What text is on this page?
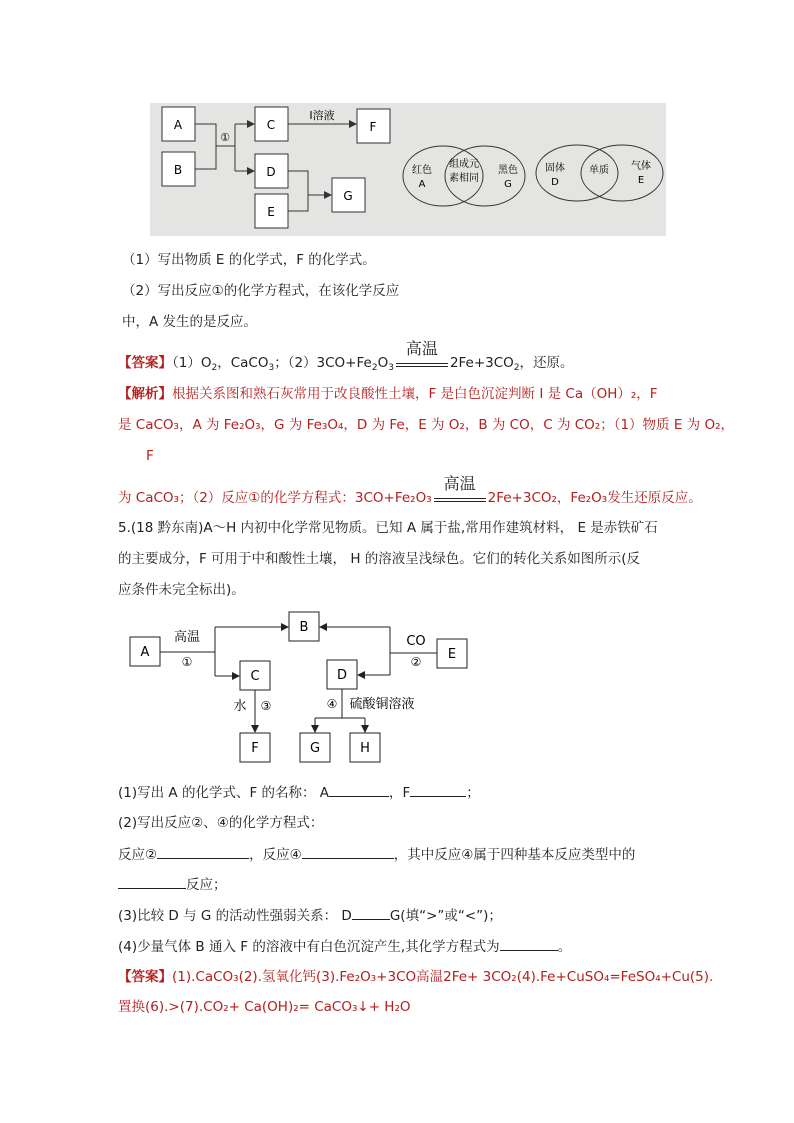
A
B
C
D
E
F
G
①
I溶液
红色
A
组成元
素相同
黑色
G
固体
D
单质 气体
E
（1）写出物质 E 的化学式，F 的化学式。
（2）写出反应①的化学方程式，在该化学反应
中，A 发生的是反应。
【答案】$(1)O_2$，CaCO$_3$；$(2)3CO+Fe_2O_3$
高温
$2Fe+3CO_2$，还原。
【解析】根据关系图和熟石灰常用于改良酸性土壤，F 是白色沉淀判断 I 是 Ca（OH）₂，F
是 CaCO₃，A 为 Fe₂O₃，G 为 Fe₃O₄，D 为 Fe，E 为 O₂，B 为 CO，C 为 CO₂；（1）物质 E 为 O₂，
F
为 CaCO₃；（2）反应①的化学方程式：3CO+Fe₂O₃
高温
2Fe+3CO₂，Fe₂O₃发生还原反应。
5.(18 黔东南)A～H 内初中化学常见物质。已知 A 属于盐,常用作建筑材料， E 是赤铁矿石
的主要成分，F 可用于中和酸性土壤， H 的溶液呈浅绿色。它们的转化关系如图所示(反
应条件未完全标出)。
A
B
C	D
E
F	G	H
高温
①
CO
②
水 ③	④ 硫酸铜溶液
(1)写出 A 的化学式、F 的名称： A	，F	；
(2)写出反应②、④的化学方程式：
反应②	，反应④	，其中反应④属于四种基本反应类型中的
反应；
(3)比较 D 与 G 的活动性强弱关系： D	G(填“>”或“<”)；
(4)少量气体 B 通入 F 的溶液中有白色沉淀产生,其化学方程式为	。
【答案】(1).CaCO₃(2).氢氧化钙(3).Fe₂O₃+3CO高温2Fe+ 3CO₂(4).Fe+CuSO₄=FeSO₄+Cu(5).
置换(6).>(7).CO₂+ Ca(OH)₂= CaCO₃↓+ H₂O
